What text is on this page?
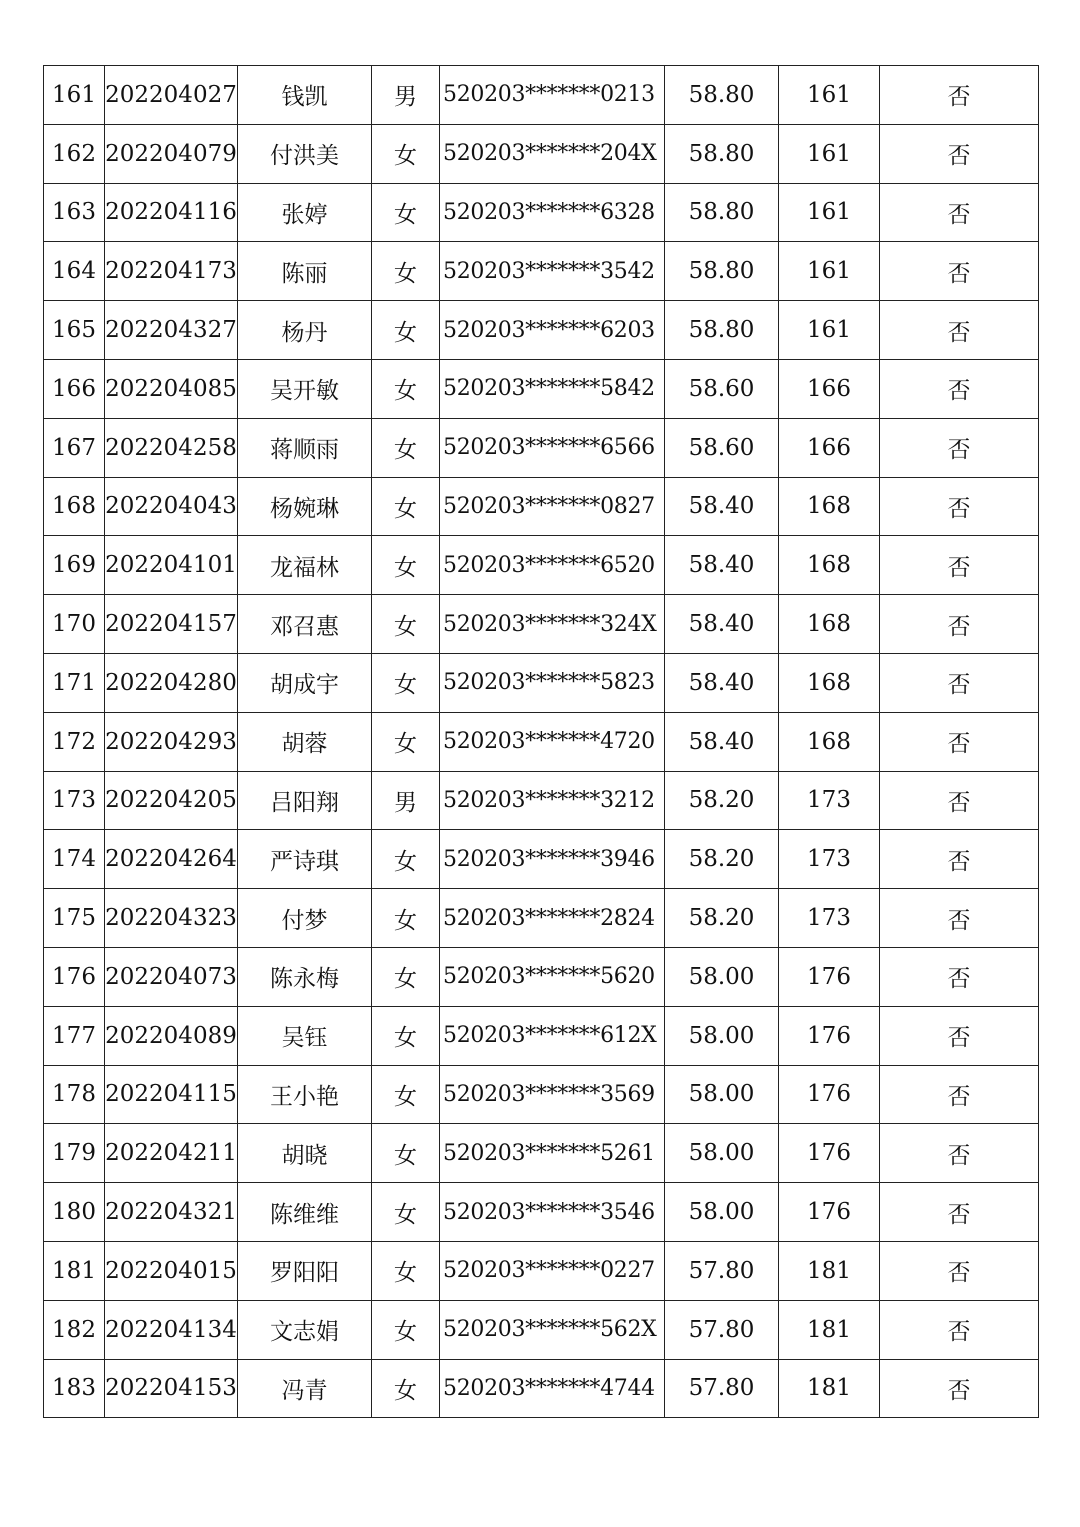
161	202204027	钱凯	男	520203*******0213	58.80	161	否
162	202204079	付洪美	女	520203*******204X	58.80	161	否
163	202204116	张婷	女	520203*******6328	58.80	161	否
164	202204173	陈丽	女	520203*******3542	58.80	161	否
165	202204327	杨丹	女	520203*******6203	58.80	161	否
166	202204085	吴开敏	女	520203*******5842	58.60	166	否
167	202204258	蒋顺雨	女	520203*******6566	58.60	166	否
168	202204043	杨婉琳	女	520203*******0827	58.40	168	否
169	202204101	龙福林	女	520203*******6520	58.40	168	否
170	202204157	邓召惠	女	520203*******324X	58.40	168	否
171	202204280	胡成宇	女	520203*******5823	58.40	168	否
172	202204293	胡蓉	女	520203*******4720	58.40	168	否
173	202204205	吕阳翔	男	520203*******3212	58.20	173	否
174	202204264	严诗琪	女	520203*******3946	58.20	173	否
175	202204323	付梦	女	520203*******2824	58.20	173	否
176	202204073	陈永梅	女	520203*******5620	58.00	176	否
177	202204089	吴钰	女	520203*******612X	58.00	176	否
178	202204115	王小艳	女	520203*******3569	58.00	176	否
179	202204211	胡晓	女	520203*******5261	58.00	176	否
180	202204321	陈维维	女	520203*******3546	58.00	176	否
181	202204015	罗阳阳	女	520203*******0227	57.80	181	否
182	202204134	文志娟	女	520203*******562X	57.80	181	否
183	202204153	冯青	女	520203*******4744	57.80	181	否
